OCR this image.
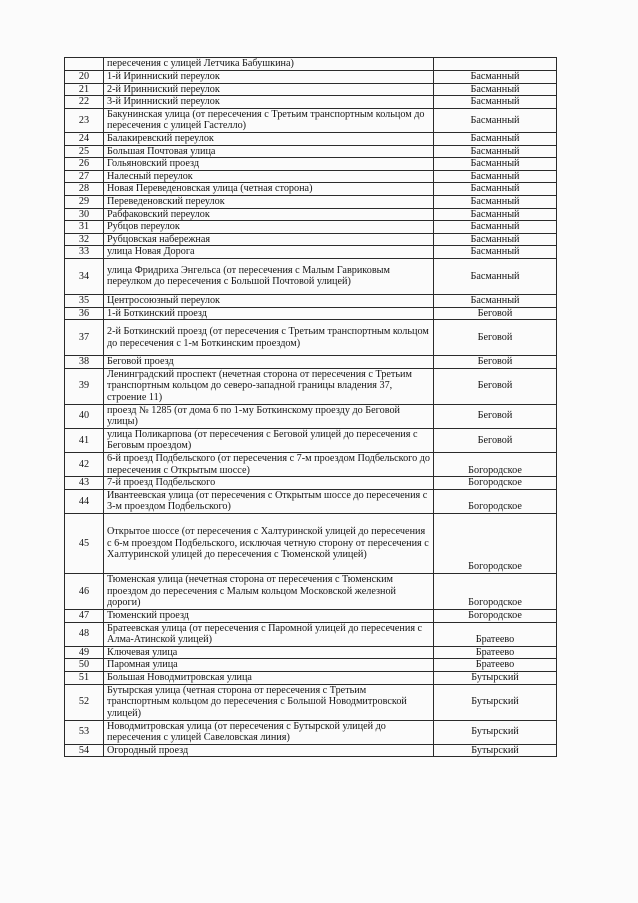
	пересечения с улицей Летчика Бабушкина)	
20	1-й Иринниский переулок	Басманный
21	2-й Иринниский переулок	Басманный
22	3-й Иринниский переулок	Басманный
23	Бакунинская улица (от пересечения с Третьим транспортным кольцом до пересечения с улицей Гастелло)	Басманный
24	Балакиревский переулок	Басманный
25	Большая Почтовая улица	Басманный
26	Гольяновский проезд	Басманный
27	Налесный переулок	Басманный
28	Новая Переведеновская улица (четная сторона)	Басманный
29	Переведеновский переулок	Басманный
30	Рабфаковский переулок	Басманный
31	Рубцов переулок	Басманный
32	Рубцовская набережная	Басманный
33	улица Новая Дорога	Басманный
34	улица Фридриха Энгельса (от пересечения с Малым Гавриковым переулком до пересечения с Большой Почтовой улицей)	Басманный
35	Центросоюзный переулок	Басманный
36	1-й Боткинский проезд	Беговой
37	2-й Боткинский проезд (от пересечения с Третьим транспортным кольцом до пересечения с 1-м Боткинским проездом)	Беговой
38	Беговой проезд	Беговой
39	Ленинградский проспект (нечетная сторона от пересечения с Третьим транспортным кольцом до северо-западной границы владения 37, строение 11)	Беговой
40	проезд № 1285 (от дома 6 по 1-му Боткинскому проезду до Беговой улицы)	Беговой
41	улица Поликарпова (от пересечения с Беговой улицей до пересечения с Беговым проездом)	Беговой
42	6-й проезд Подбельского (от пересечения с 7-м проездом Подбельского до пересечения с Открытым шоссе)	Богородское
43	7-й проезд Подбельского	Богородское
44	Ивантеевская улица (от пересечения с Открытым шоссе до пересечения с 3-м проездом Подбельского)	Богородское
45	Открытое шоссе (от пересечения с Халтуринской улицей до пересечения с 6-м проездом Подбельского, исключая четную сторону от пересечения с Халтуринской улицей до пересечения с Тюменской улицей)	Богородское
46	Тюменская улица (нечетная сторона от пересечения с Тюменским проездом до пересечения с Малым кольцом Московской железной дороги)	Богородское
47	Тюменский проезд	Богородское
48	Братеевская улица (от пересечения с Паромной улицей до пересечения с Алма-Атинской улицей)	Братеево
49	Ключевая улица	Братеево
50	Паромная улица	Братеево
51	Большая Новодмитровская улица	Бутырский
52	Бутырская улица (четная сторона от пересечения с Третьим транспортным кольцом до пересечения с Большой Новодмитровской улицей)	Бутырский
53	Новодмитровская улица (от пересечения с Бутырской улицей до пересечения с улицей Савеловская линия)	Бутырский
54	Огородный проезд	Бутырский
